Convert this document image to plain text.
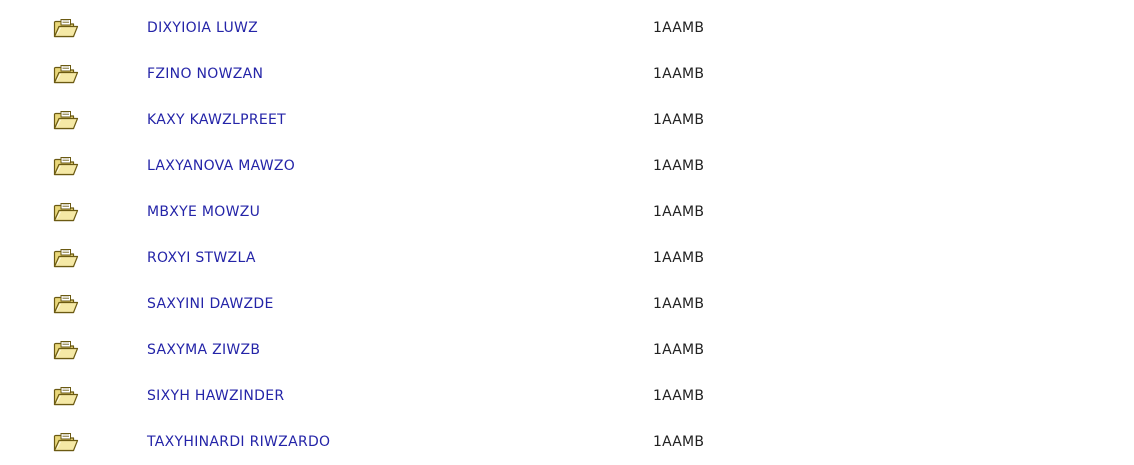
DIXYIOIA LUWZ	1AAMB
FZINO NOWZAN	1AAMB
KAXY KAWZLPREET	1AAMB
LAXYANOVA MAWZO	1AAMB
MBXYE MOWZU	1AAMB
ROXYI STWZLA	1AAMB
SAXYINI DAWZDE	1AAMB
SAXYMA ZIWZB	1AAMB
SIXYH HAWZINDER	1AAMB
TAXYHINARDI RIWZARDO	1AAMB
